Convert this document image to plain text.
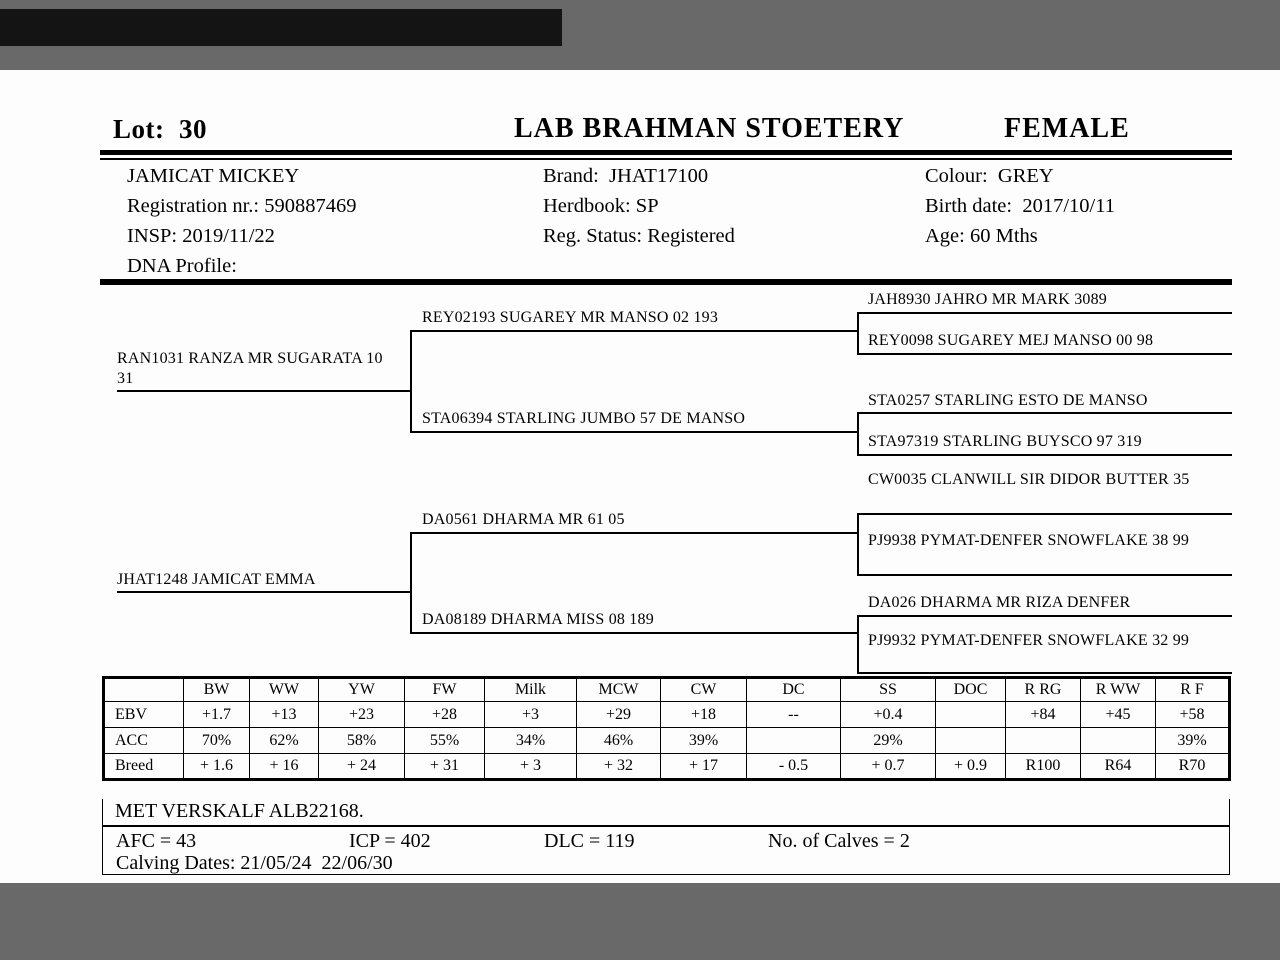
Lot:  30	LAB BRAHMAN STOETERY	FEMALE
JAMICAT MICKEY
Registration nr.: 590887469
INSP: 2019/11/22
DNA Profile:
Brand:  JHAT17100
Herdbook: SP
Reg. Status: Registered
Colour:  GREY
Birth date:  2017/10/11
Age: 60 Mths
RAN1031 RANZA MR SUGARATA 10 31
JHAT1248 JAMICAT EMMA
REY02193 SUGAREY MR MANSO 02 193
STA06394 STARLING JUMBO 57 DE MANSO
DA0561 DHARMA MR 61 05
DA08189 DHARMA MISS 08 189
JAH8930 JAHRO MR MARK 3089
REY0098 SUGAREY MEJ MANSO 00 98
STA0257 STARLING ESTO DE MANSO
STA97319 STARLING BUYSCO 97 319
CW0035 CLANWILL SIR DIDOR BUTTER 35
PJ9938 PYMAT-DENFER SNOWFLAKE 38 99
DA026 DHARMA MR RIZA DENFER
PJ9932 PYMAT-DENFER SNOWFLAKE 32 99
	BW	WW	YW	FW	Milk	MCW	CW	DC	SS	DOC	R RG	R WW	R F
EBV	+1.7	+13	+23	+28	+3	+29	+18	--	+0.4		+84	+45	+58
ACC	70%	62%	58%	55%	34%	46%	39%		29%				39%
Breed	+ 1.6	+ 16	+ 24	+ 31	+ 3	+ 32	+ 17	- 0.5	+ 0.7	+ 0.9	R100	R64	R70
MET VERSKALF ALB22168.
AFC = 43	ICP = 402	DLC = 119	No. of Calves = 2
Calving Dates: 21/05/24  22/06/30
